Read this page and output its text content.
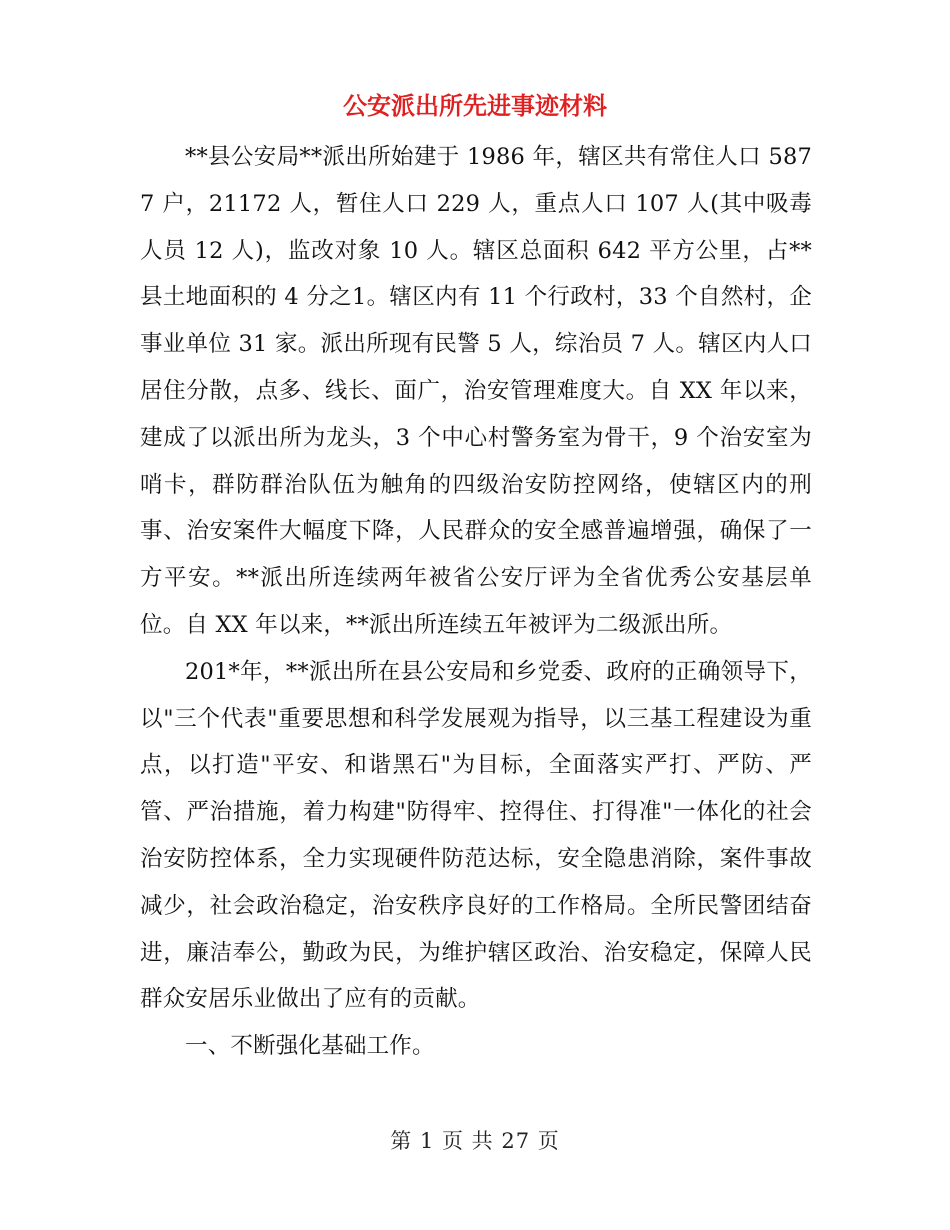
公安派出所先进事迹材料

**县公安局**派出所始建于 1986 年，辖区共有常住人口 5877 户，21172 人，暂住人口 229 人，重点人口 107 人(其中吸毒人员 12 人)，监改对象 10 人。辖区总面积 642 平方公里，占**县土地面积的 4 分之1。辖区内有 11 个行政村，33 个自然村，企事业单位 31 家。派出所现有民警 5 人，综治员 7 人。辖区内人口居住分散，点多、线长、面广，治安管理难度大。自 XX 年以来，建成了以派出所为龙头，3 个中心村警务室为骨干，9 个治安室为哨卡，群防群治队伍为触角的四级治安防控网络，使辖区内的刑事、治安案件大幅度下降，人民群众的安全感普遍增强，确保了一方平安。**派出所连续两年被省公安厅评为全省优秀公安基层单位。自 XX 年以来，**派出所连续五年被评为二级派出所。

201*年，**派出所在县公安局和乡党委、政府的正确领导下，以"三个代表"重要思想和科学发展观为指导，以三基工程建设为重点，以打造"平安、和谐黑石"为目标，全面落实严打、严防、严管、严治措施，着力构建"防得牢、控得住、打得准"一体化的社会治安防控体系，全力实现硬件防范达标，安全隐患消除，案件事故减少，社会政治稳定，治安秩序良好的工作格局。全所民警团结奋进，廉洁奉公，勤政为民，为维护辖区政治、治安稳定，保障人民群众安居乐业做出了应有的贡献。

一、不断强化基础工作。

第 1 页 共 27 页
